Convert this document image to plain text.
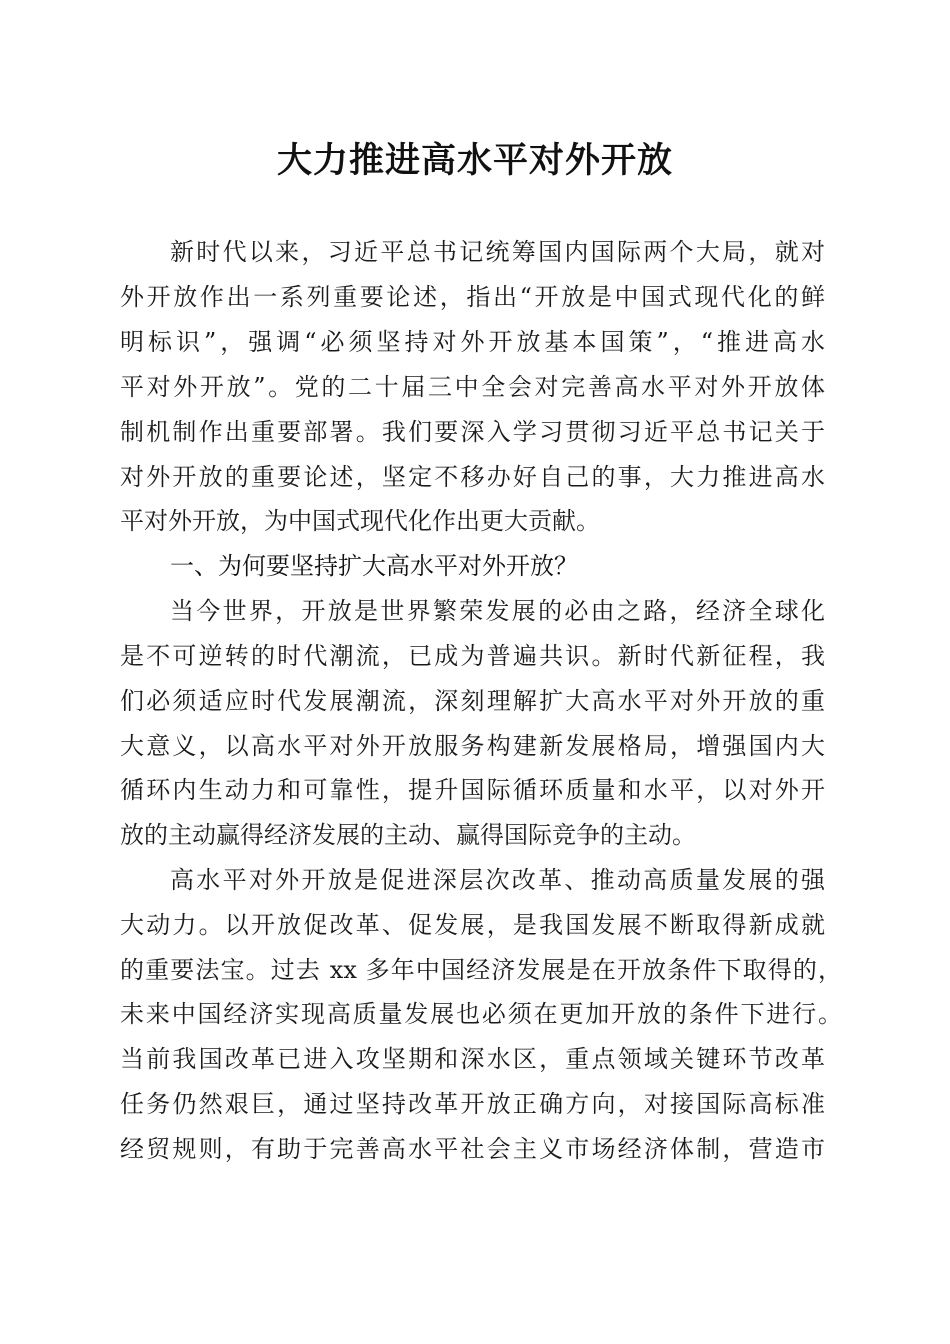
大力推进高水平对外开放
新时代以来，习近平总书记统筹国内国际两个大局，就对
外开放作出一系列重要论述，指出“开放是中国式现代化的鲜
明标识”，强调“必须坚持对外开放基本国策”，“推进高水
平对外开放”。党的二十届三中全会对完善高水平对外开放体
制机制作出重要部署。我们要深入学习贯彻习近平总书记关于
对外开放的重要论述，坚定不移办好自己的事，大力推进高水
平对外开放，为中国式现代化作出更大贡献。
一、为何要坚持扩大高水平对外开放？
当今世界，开放是世界繁荣发展的必由之路，经济全球化
是不可逆转的时代潮流，已成为普遍共识。新时代新征程，我
们必须适应时代发展潮流，深刻理解扩大高水平对外开放的重
大意义，以高水平对外开放服务构建新发展格局，增强国内大
循环内生动力和可靠性，提升国际循环质量和水平，以对外开
放的主动赢得经济发展的主动、赢得国际竞争的主动。
高水平对外开放是促进深层次改革、推动高质量发展的强
大动力。以开放促改革、促发展，是我国发展不断取得新成就
的重要法宝。过去 xx 多年中国经济发展是在开放条件下取得的，
未来中国经济实现高质量发展也必须在更加开放的条件下进行。
当前我国改革已进入攻坚期和深水区，重点领域关键环节改革
任务仍然艰巨，通过坚持改革开放正确方向，对接国际高标准
经贸规则，有助于完善高水平社会主义市场经济体制，营造市
